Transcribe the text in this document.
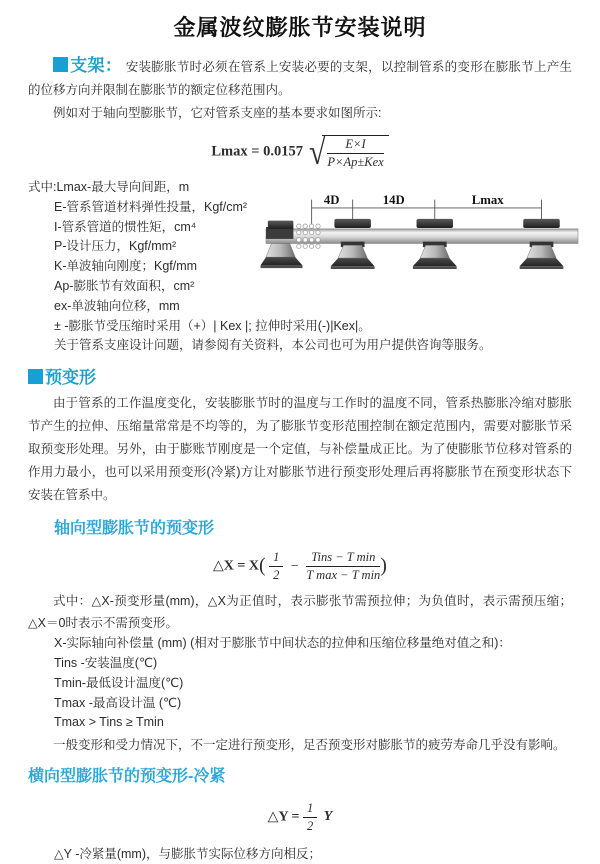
金属波纹膨胀节安装说明

支架： 安装膨胀节时必须在管系上安装必要的支架，以控制管系的变形在膨胀节上产生的位移方向并限制在膨胀节的额定位移范围内。

例如对于轴向型膨胀节，它对管系支座的基本要求如图所示:

Lmax = 0.0157 √ $\frac{E\times I}{\text{P×Ap±Kex}}$
式中:Lmax-最大导向间距，m
E-管系管道材料弹性投量，Kgf/cm²
I-管系管道的惯性矩，cm⁴
P-设计压力，Kgf/mm²
K-单波轴向刚度；Kgf/mm
Ap-膨胀节有效面积，cm²
ex-单波轴向位移，mm
4D	14D	Lmax
± -膨胀节受压缩时采用（+）| Kex |; 拉伸时采用(-)|Kex|。
关于管系支座设计问题，请参阅有关资料，本公司也可为用户提供咨询等服务。
预变形

由于管系的工作温度变化，安装膨胀节时的温度与工作时的温度不同，管系热膨胀冷缩对膨胀节产生的拉伸、压缩量常常是不均等的，为了膨胀节变形范围控制在额定范围内，需要对膨胀节采取预变形处理。另外，由于膨账节刚度是一个定值，与补偿量成正比。为了使膨胀节位移对管系的作用力最小，也可以采用预变形(冷紧)方让对膨胀节进行预变形处理后再将膨胀节在预变形状态下安装在管系中。

轴向型膨胀节的预变形
△X = $X( \frac{1}{2} - \frac{\text{Tins − T min}}{\text{T max − T min}}$ )

式中：△X-预变形量(mm)，△X为正值时，表示膨张节需预拉伸；为负值时，表示需预压缩；△X＝0时表示不需预变形。

X-实际轴向补偿量 (mm) (相对于膨胀节中间状态的拉伸和压缩位移量绝对值之和)：
Tins -安装温度(℃)
Tmin-最低设计温度(℃)
Tmax -最高设计温 (℃)
Tmax > Tins ≥ Tmin
一般变形和受力情况下，不一定进行预变形，足否预变形对膨胀节的疲劳寿命几乎没有影响。
横向型膨胀节的预变形-冷紧
△Y = $\frac{1}{2}$ Y
△Y -冷紧量(mm)，与膨胀节实际位移方向相反；
